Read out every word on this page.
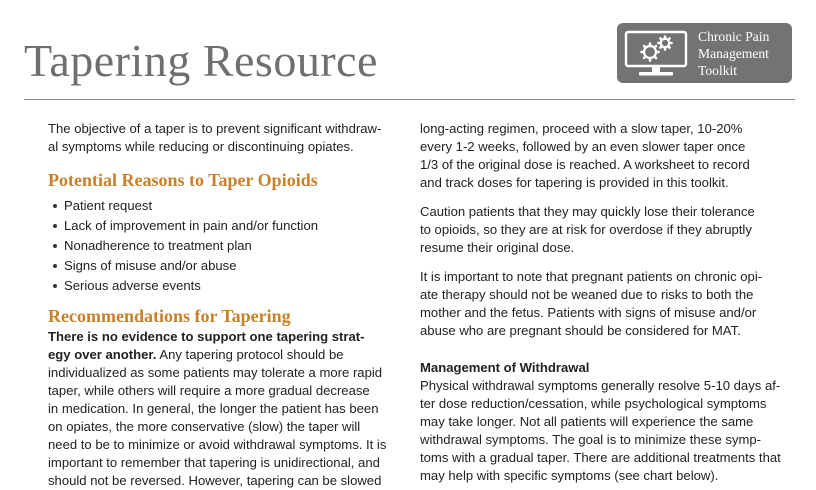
Tapering Resource	Chronic Pain
Management
Toolkit

The objective of a taper is to prevent significant withdraw-
al symptoms while reducing or discontinuing opiates.

Potential Reasons to Taper Opioids
Patient request
Lack of improvement in pain and/or function
Nonadherence to treatment plan
Signs of misuse and/or abuse
Serious adverse events
Recommendations for Tapering

There is no evidence to support one tapering strat-
egy over another. Any tapering protocol should be
individualized as some patients may tolerate a more rapid
taper, while others will require a more gradual decrease
in medication. In general, the longer the patient has been
on opiates, the more conservative (slow) the taper will
need to be to minimize or avoid withdrawal symptoms. It is
important to remember that tapering is unidirectional, and
should not be reversed. However, tapering can be slowed

long-acting regimen, proceed with a slow taper, 10-20%
every 1-2 weeks, followed by an even slower taper once
1/3 of the original dose is reached. A worksheet to record
and track doses for tapering is provided in this toolkit.

Caution patients that they may quickly lose their tolerance
to opioids, so they are at risk for overdose if they abruptly
resume their original dose.

It is important to note that pregnant patients on chronic opi-
ate therapy should not be weaned due to risks to both the
mother and the fetus. Patients with signs of misuse and/or
abuse who are pregnant should be considered for MAT.

Management of Withdrawal

Physical withdrawal symptoms generally resolve 5-10 days af-
ter dose reduction/cessation, while psychological symptoms
may take longer. Not all patients will experience the same
withdrawal symptoms. The goal is to minimize these symp-
toms with a gradual taper. There are additional treatments that
may help with specific symptoms (see chart below).
